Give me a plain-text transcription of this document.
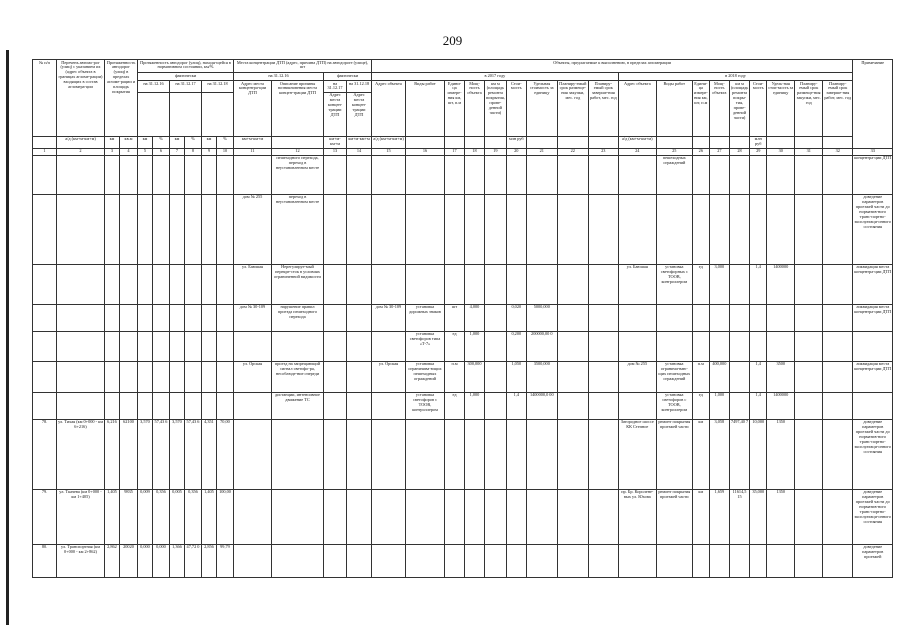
209
№ п/п	Перечень автомо-рог (улиц) с указанием их (адрес объекта в границах агломе-рации) входящих в состав агломера-ции	Протяженность автодорог (улиц) в пределах агломе-рации и площадь покрытия		Протяженность автодорог (улиц), находя-щейся в нормативном состоянии, км/%						Места концентрации ДТП (адрес, причина ДТП) на автодороге (улице), шт				Объекты, предлагаемые к выполнению, в пределах агломерации																		Примечание
				фактически						на 31.12.16		фактически		в 2017 году									в 2018 году									
				на 31.12.16		на 31.12.17		на 31.12.18		Адрес места концентра-ции ДТП	Описание причины возникновения места концен-трации ДТП	на 31.12.17	на 31.12.18	Адрес объекта	Виды работ	Едини-ца измере-ния км, шт, п.м	Мощ-ность объекта	км м (площадь ремонта покрытия, прове-денной части)	Стои-мость	Удельная стоимость за единицу	Планиру-емый срок размеще-ния закупки, мес. год	Планиру-емый срок заверше-ния работ, мес. год	Адрес объекта	Виды работ	Едини-ца измере-ния км, шт, п.м	Мощ-ность объекта	км м (площадь ремонта покры-тия, прове-денной части)	Стои-мость	Удель-ная стои-мость за единицу	Планиру-емый срок размеще-ния закупки, мес. год	Планиру-емый срок заверше-ния работ, мес. год	
												Адрес места концен-трации ДТП	Адрес места концен-трации ДТП																			
	а/д (км+м-км+м)	км	кв.м	км	%	км	%	км	%	км+м-км+м		км+м-км+м	км+м-км+м	а/д (км+м-км+м)					млн руб				а/д (км+м-км+м)					млн руб				
1	2	3	4	5	6	7	8	9	10	11	12	13	14	15	16	17	18	19	20	21	22	23	24	25	26	27	28	29	30	31	32	33
											пешеходного перехода, переход в неустановленном месте													пешеходных ограждений								концентра-ции ДТП
										дом № 255	переход в неустановленном месте																					доведение параметров проезжей части до норматив-ного транс-портно-эксплуатаци-онного состояния
										ул. Баюшая	Нерегулируе-мый перекре-сток в условиях ограниченной видимости												ул. Баюшая	установка светофорных с ТООВ, контроллером	ед	3,000		1,4	1400000			ликвидация места концентра-ции ДТП
										дом № 30-109	нарушение правил проезда пешеходного перехода			дом № 30-109	установка дорожных знаков	шт	4,000		0,020	5000,000												ликвидация места концентра-ции ДТП
															установка светофоров типа «Т-7»	ед	1,000		0,200	200000,00 0												
										ул. Орская	проезд на запрещающий сигнал светофо-ра, несоблюде-ние очереди			ул. Орская	установка ограничива-ющих пешеходных ограждений	п.м	300,000		1,050	3500,000			дом № 255	установка ограничи-ваю-щих пешеходных ограждений	п.м	400,000		1,4	3500			ликвидация места концентра-ции ДТП
											дистанции, интенсивное движение ТС				установка светофоров с ТООВ, контроллером	ед	1,000		1,4	1400000,0 00				установка светофоров с ТООВ, контроллером	ед	1,000		1,4	1400000			
78.	ул. Тихая (км 0+000 - км 6+216)	6,216	62100	3,570	57,43 6	3,570	57,43 6	4,351	70,00														Затородное шоссе КК Степное	ремонт покрытия проезжей части	км	3,058	7497,40 7	10,000	1350			доведение параметров проезжей части до норматив-ного транс-портно-эксплуатаци-онного состояния
79.	ул. Ткачева (км 0+000 - км 1+405)	1,405	9835	0,009	0,356	0,005	0,356	1,405	100,00														пр. Бр. Королене-вых ул. Юхова	ремонт покрытия проезжей части	км	1,659	11614,5 15	35,000	1350			доведение параметров проезжей части до норматив-ного транс-портно-эксплуатаци-онного состояния
80.	ул. Транспортная (км 0+000 - км 2+862)	2,862	20020	0,000	0,000	1,366	47,72 0	2,856	99,79																							доведение параметров проезжей
